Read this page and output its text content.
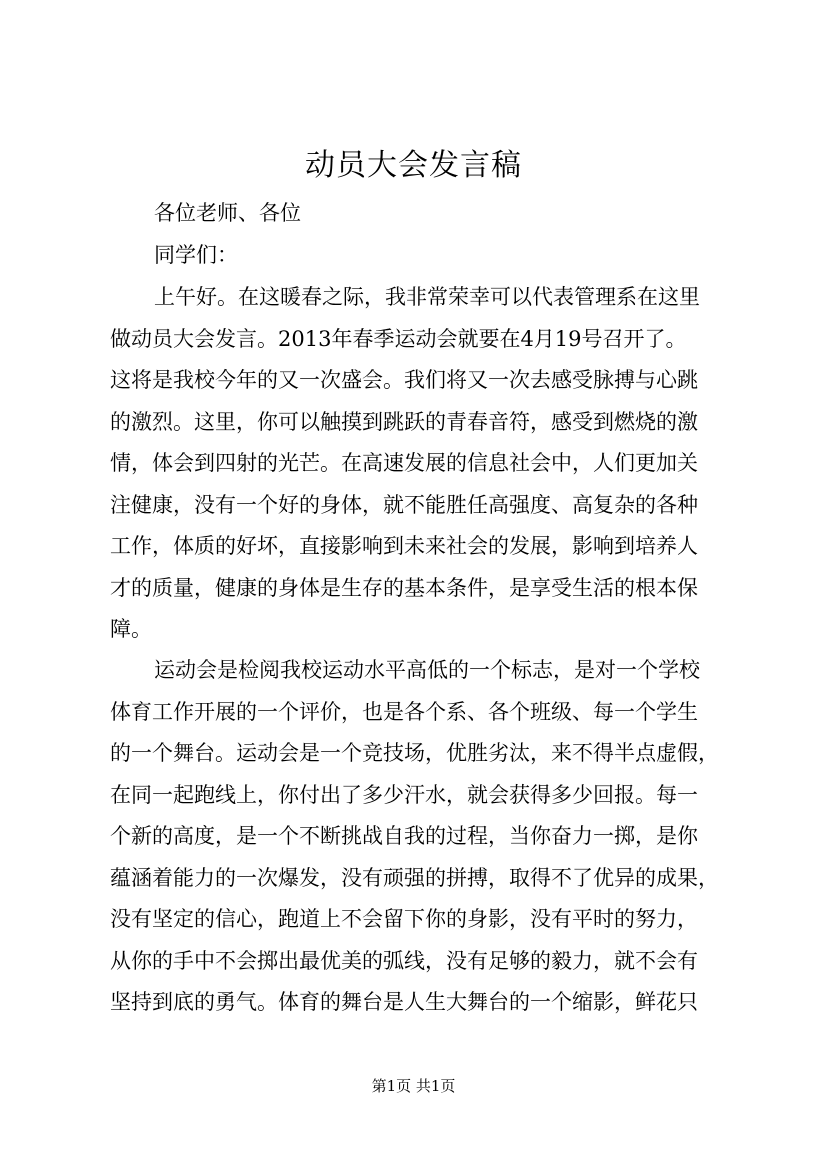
动员大会发言稿
各位老师、各位
同学们：
上午好。在这暖春之际，我非常荣幸可以代表管理系在这里
做动员大会发言。2013年春季运动会就要在4月19号召开了。
这将是我校今年的又一次盛会。我们将又一次去感受脉搏与心跳
的激烈。这里，你可以触摸到跳跃的青春音符，感受到燃烧的激
情，体会到四射的光芒。在高速发展的信息社会中，人们更加关
注健康，没有一个好的身体，就不能胜任高强度、高复杂的各种
工作，体质的好坏，直接影响到未来社会的发展，影响到培养人
才的质量，健康的身体是生存的基本条件，是享受生活的根本保
障。
运动会是检阅我校运动水平高低的一个标志，是对一个学校
体育工作开展的一个评价，也是各个系、各个班级、每一个学生
的一个舞台。运动会是一个竞技场，优胜劣汰，来不得半点虚假，
在同一起跑线上，你付出了多少汗水，就会获得多少回报。每一
个新的高度，是一个不断挑战自我的过程，当你奋力一掷，是你
蕴涵着能力的一次爆发，没有顽强的拼搏，取得不了优异的成果，
没有坚定的信心，跑道上不会留下你的身影，没有平时的努力，
从你的手中不会掷出最优美的弧线，没有足够的毅力，就不会有
坚持到底的勇气。体育的舞台是人生大舞台的一个缩影，鲜花只
第1页 共1页
